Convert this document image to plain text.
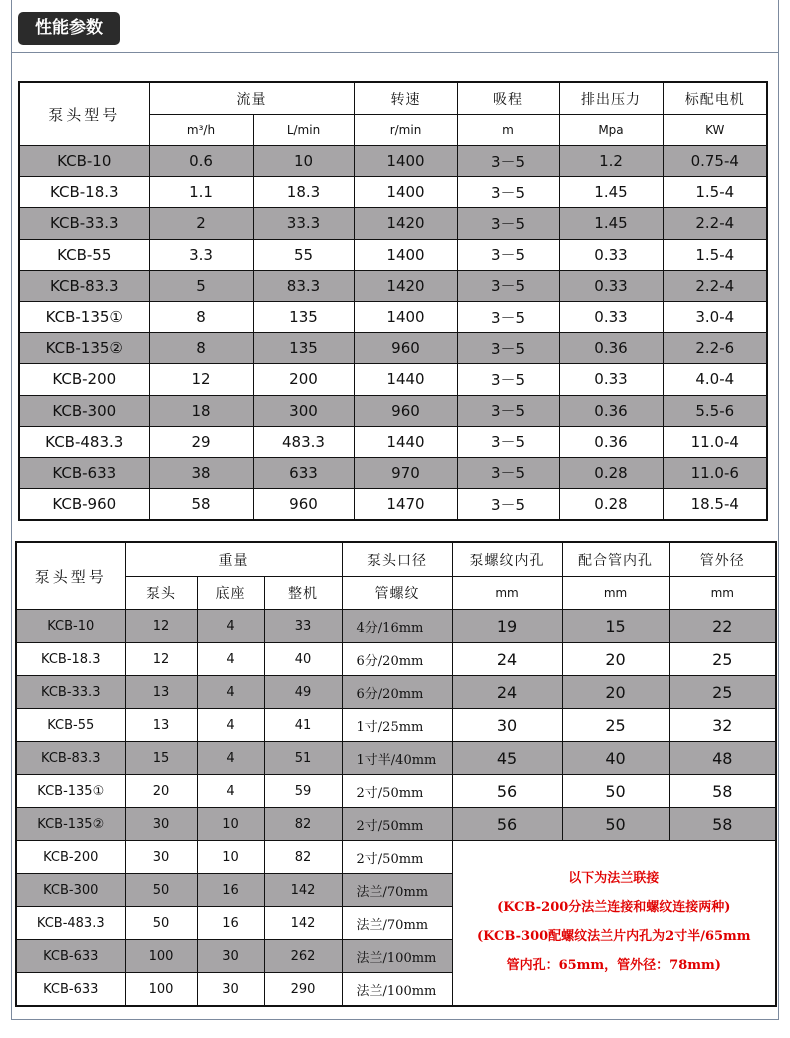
性能参数
泵头型号	流量		转速	吸程	排出压力	标配电机
	m³/h	L/min	r/min	m	Mpa	KW
KCB-10	0.6	10	1400	3－5	1.2	0.75-4
KCB-18.3	1.1	18.3	1400	3－5	1.45	1.5-4
KCB-33.3	2	33.3	1420	3－5	1.45	2.2-4
KCB-55	3.3	55	1400	3－5	0.33	1.5-4
KCB-83.3	5	83.3	1420	3－5	0.33	2.2-4
KCB-135①	8	135	1400	3－5	0.33	3.0-4
KCB-135②	8	135	960	3－5	0.36	2.2-6
KCB-200	12	200	1440	3－5	0.33	4.0-4
KCB-300	18	300	960	3－5	0.36	5.5-6
KCB-483.3	29	483.3	1440	3－5	0.36	11.0-4
KCB-633	38	633	970	3－5	0.28	11.0-6
KCB-960	58	960	1470	3－5	0.28	18.5-4
泵头型号	重量			泵头口径	泵螺纹内孔	配合管内孔	管外径
	泵头	底座	整机	管螺纹	mm	mm	mm
KCB-10	12	4	33	4分/16mm	19	15	22
KCB-18.3	12	4	40	6分/20mm	24	20	25
KCB-33.3	13	4	49	6分/20mm	24	20	25
KCB-55	13	4	41	1寸/25mm	30	25	32
KCB-83.3	15	4	51	1寸半/40mm	45	40	48
KCB-135①	20	4	59	2寸/50mm	56	50	58
KCB-135②	30	10	82	2寸/50mm	56	50	58
KCB-200	30	10	82	2寸/50mm	以下为法兰联接

(KCB-200分法兰连接和螺纹连接两种)

(KCB-300配螺纹法兰片内孔为2寸半/65mm

管内孔：65mm，管外径：78mm)		

KCB-300	50	16	142	法兰/70mm			
KCB-483.3	50	16	142	法兰/70mm			
KCB-633	100	30	262	法兰/100mm			
KCB-633	100	30	290	法兰/100mm			
